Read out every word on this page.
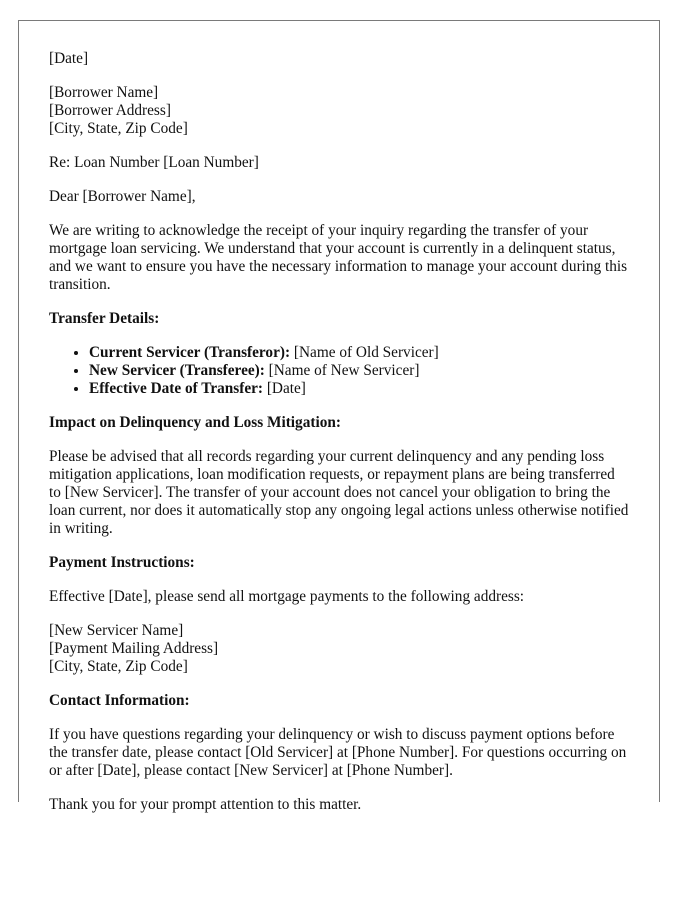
[Date]

[Borrower Name]

[Borrower Address]

[City, State, Zip Code]

Re: Loan Number [Loan Number]

Dear [Borrower Name],

We are writing to acknowledge the receipt of your inquiry regarding the transfer of your mortgage loan servicing. We understand that your account is currently in a delinquent status, and we want to ensure you have the necessary information to manage your account during this transition.

Transfer Details:

• Current Servicer (Transferor): [Name of Old Servicer]
• New Servicer (Transferee): [Name of New Servicer]
• Effective Date of Transfer: [Date]

Impact on Delinquency and Loss Mitigation:

Please be advised that all records regarding your current delinquency and any pending loss mitigation applications, loan modification requests, or repayment plans are being transferred to [New Servicer]. The transfer of your account does not cancel your obligation to bring the loan current, nor does it automatically stop any ongoing legal actions unless otherwise notified in writing.

Payment Instructions:

Effective [Date], please send all mortgage payments to the following address:

[New Servicer Name]

[Payment Mailing Address]

[City, State, Zip Code]

Contact Information:

If you have questions regarding your delinquency or wish to discuss payment options before the transfer date, please contact [Old Servicer] at [Phone Number]. For questions occurring on or after [Date], please contact [New Servicer] at [Phone Number].

Thank you for your prompt attention to this matter.
